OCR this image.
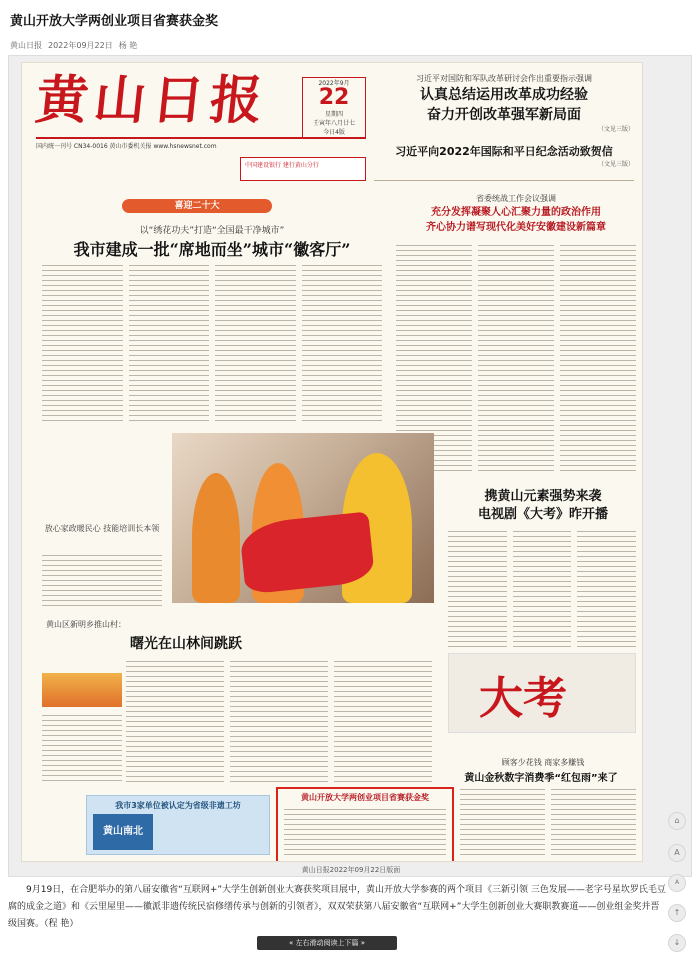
黄山开放大学两创业项目省赛获金奖
黄山日报 2022年09月22日 杨 艳
黄山日报	2022年9月
22
星期四
壬寅年八月廿七
今日4版
国内统一刊号 CN34-0016 黄山市委机关报 www.hsnewsnet.com
中国建设银行 建行黄山分行
习近平对国防和军队改革研讨会作出重要指示强调
认真总结运用改革成功经验
奋力开创改革强军新局面
（文见三版）
习近平向2022年国际和平日纪念活动致贺信
（文见三版）
喜迎二十大
以“绣花功夫”打造“全国最干净城市”
我市建成一批“席地而坐”城市“徽客厅”
省委统战工作会议强调
充分发挥凝聚人心汇聚力量的政治作用
齐心协力谱写现代化美好安徽建设新篇章
放心家政暖民心 技能培训长本领
携黄山元素强势来袭
电视剧《大考》昨开播
大考
黄山区新明乡推山村：
曙光在山林间跳跃
顾客少花钱 商家多赚钱
黄山金秋数字消费季“红包雨”来了
我市3家单位被认定为省级非遗工坊
黄山南北
黄山开放大学两创业项目省赛获金奖
黄山日报2022年09月22日版面

9月19日，在合肥举办的第八届安徽省“互联网+”大学生创新创业大赛获奖项目展中，黄山开放大学参赛的两个项目《三新引领 三色发展——老字号星坎罗氏毛豆腐的成金之道》和《云里屋里——徽派非遗传统民宿修缮传承与创新的引领者》，双双荣获第八届安徽省“互联网+”大学生创新创业大赛职教赛道——创业组金奖并晋级国赛。（程 艳）

« 左右滑动阅读上下篇 »
⌂
A
A
↑
↓
